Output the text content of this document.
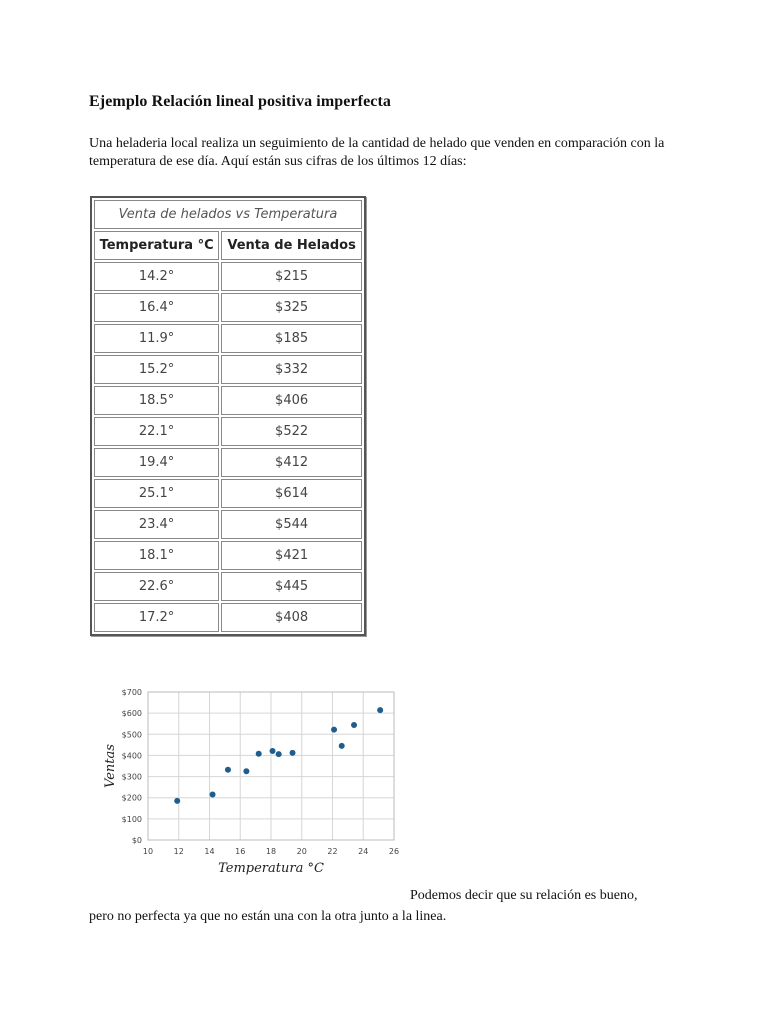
Ejemplo Relación lineal positiva imperfecta
Una heladeria local realiza un seguimiento de la cantidad de helado que venden en comparación con la temperatura de ese día. Aquí están sus cifras de los últimos 12 días:
Venta de helados vs Temperatura	
Temperatura °C	Venta de Helados
14.2°	$215
16.4°	$325
11.9°	$185
15.2°	$332
18.5°	$406
22.1°	$522
19.4°	$412
25.1°	$614
23.4°	$544
18.1°	$421
22.6°	$445
17.2°	$408
10	12	14	16	18	20	22	24	26
$0
$100
$200
$300
$400
$500
$600
$700
Temperatura °C
Ventas
Podemos decir que su relación es bueno,
pero no perfecta ya que no están una con la otra junto a la linea.
